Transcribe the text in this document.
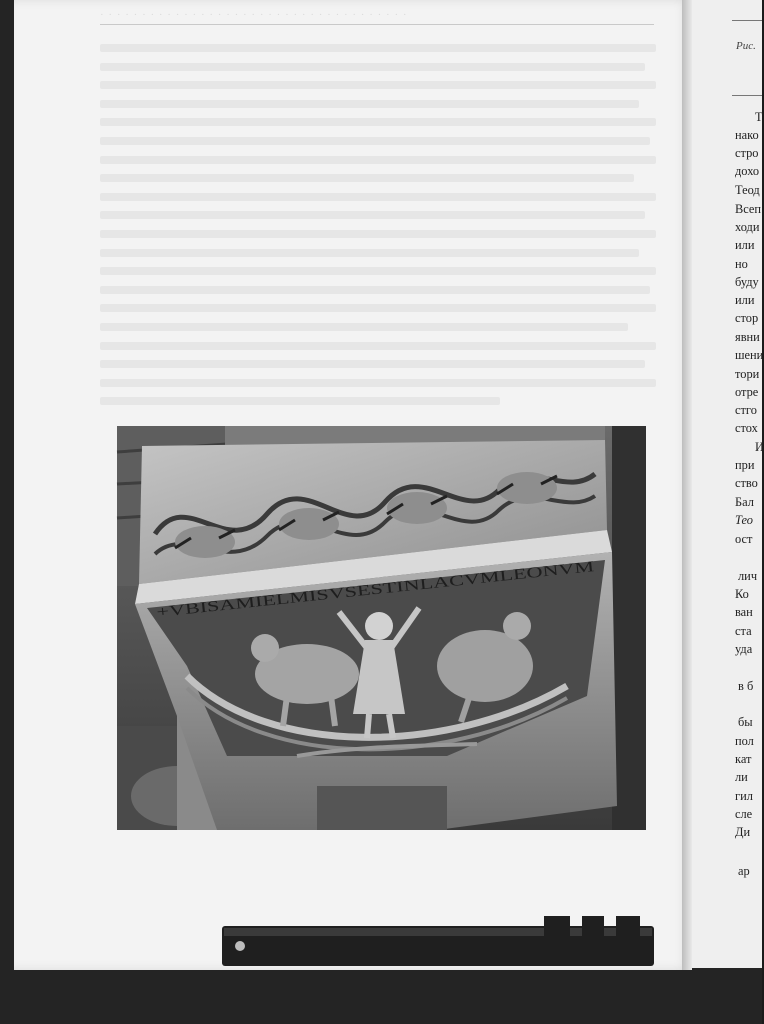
· · · · · · · · · · · · · · · · · · · · · · · · · · · · · · · · · · · · ·
+VBISAMIELMISVSESTINLACVMLEONVM
Рис.
Т
нако
стро
дохо
Теод
Всеп
ходи
или
но
буду
или
стор
явни
шени
тори
отре
стго
стох
И
при
ство
Бал
Тео
ост
лич
Ко
ван
ста
уда
в б
бы
пол
кат
ли
гил
сле
Ди
ар
